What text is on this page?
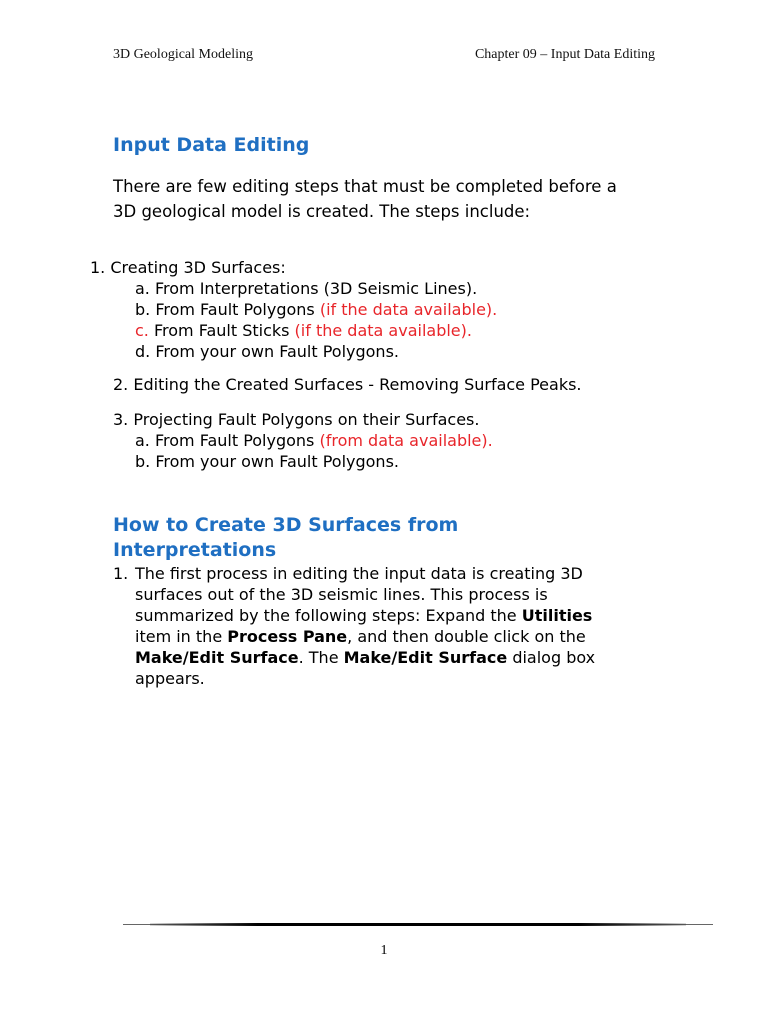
3D Geological Modeling	Chapter 09 – Input Data Editing
Input Data Editing
There are few editing steps that must be completed before a
3D geological model is created. The steps include:
1. Creating 3D Surfaces:
a. From Interpretations (3D Seismic Lines).
b. From Fault Polygons (if the data available).
c. From Fault Sticks (if the data available).
d. From your own Fault Polygons.
2. Editing the Created Surfaces - Removing Surface Peaks.
3. Projecting Fault Polygons on their Surfaces.
a. From Fault Polygons (from data available).
b. From your own Fault Polygons.
How to Create 3D Surfaces from
Interpretations
1. The first process in editing the input data is creating 3D
surfaces out of the 3D seismic lines. This process is
summarized by the following steps: Expand the Utilities
item in the Process Pane, and then double click on the
Make/Edit Surface. The Make/Edit Surface dialog box
appears.
1
